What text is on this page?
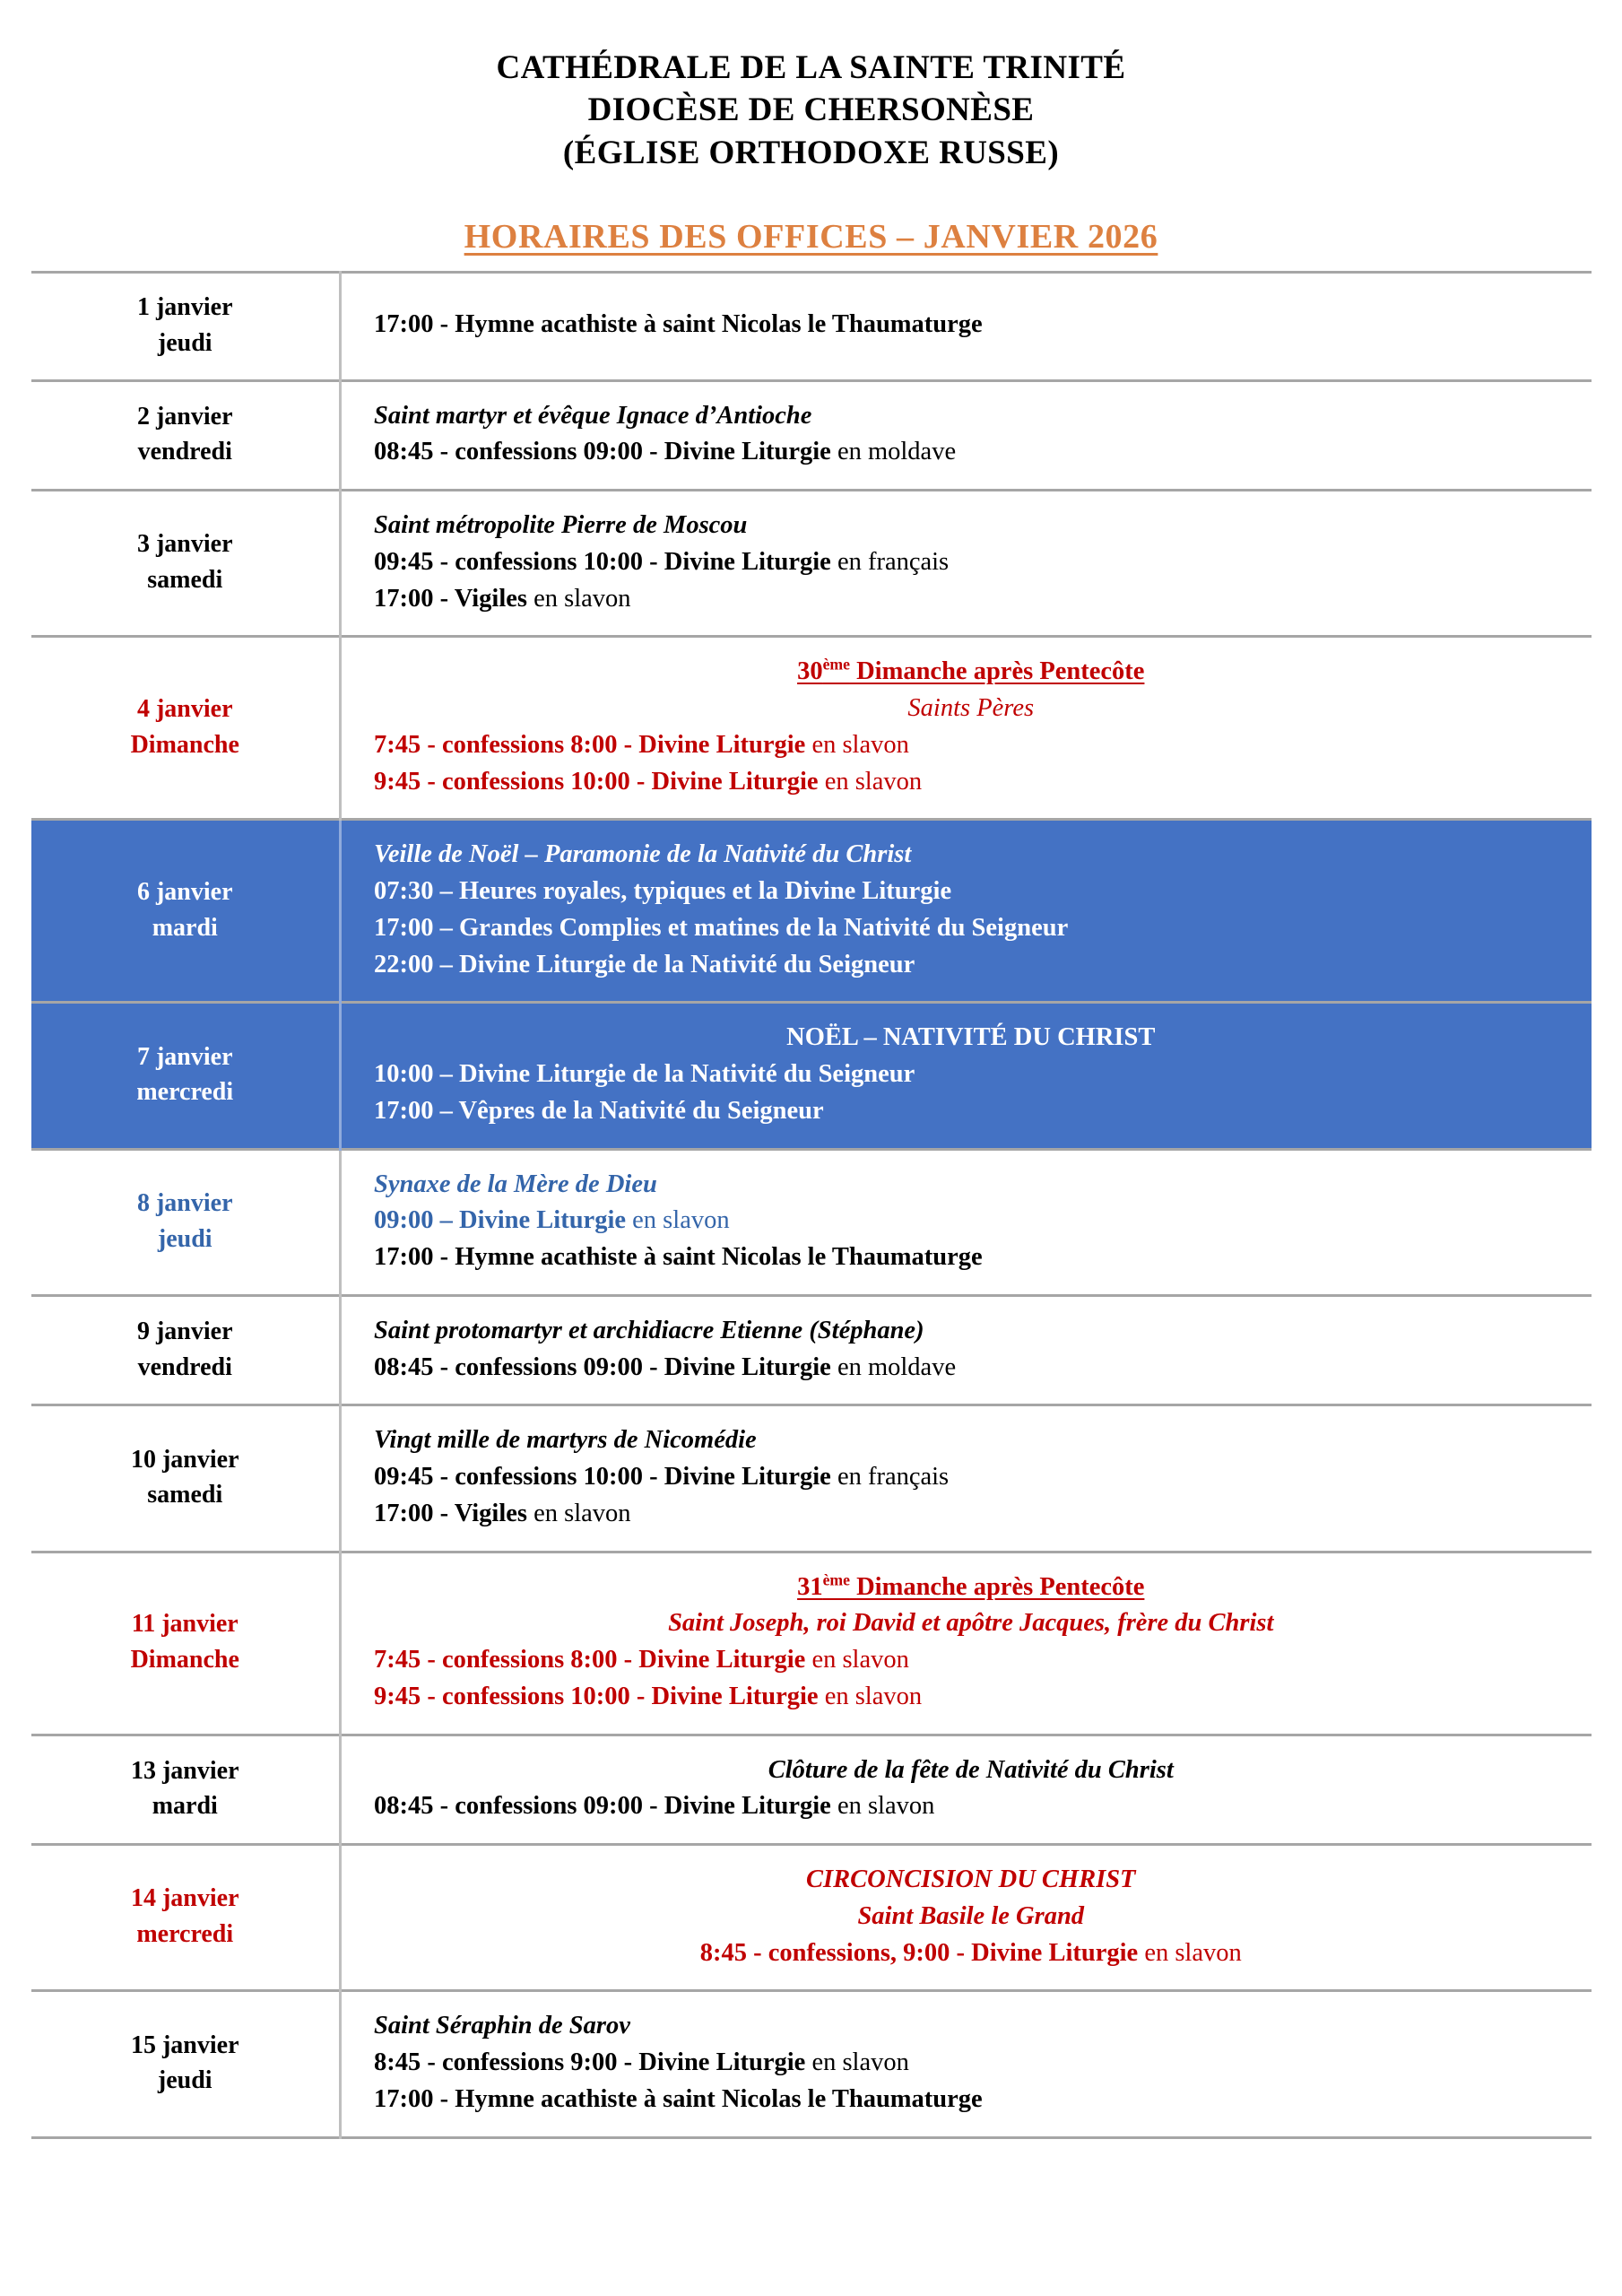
CATHÉDRALE DE LA SAINTE TRINITÉ
DIOCÈSE DE CHERSONÈSE
(ÉGLISE ORTHODOXE RUSSE)
HORAIRES DES OFFICES – JANVIER 2026
1 janvier
jeudi	17:00 - Hymne acathiste à saint Nicolas le Thaumaturge

2 janvier
vendredi	Saint martyr et évêque Ignace d’Antioche
08:45 - confessions 09:00 - Divine Liturgie en moldave

3 janvier
samedi	Saint métropolite Pierre de Moscou
09:45 - confessions 10:00 - Divine Liturgie en français
17:00 - Vigiles en slavon

4 janvier
Dimanche	30ème Dimanche après Pentecôte
Saints Pères
7:45 - confessions 8:00 - Divine Liturgie en slavon
9:45 - confessions 10:00 - Divine Liturgie en slavon

6 janvier
mardi	Veille de Noël – Paramonie de la Nativité du Christ
07:30 – Heures royales, typiques et la Divine Liturgie
17:00 – Grandes Complies et matines de la Nativité du Seigneur
22:00 – Divine Liturgie de la Nativité du Seigneur

7 janvier
mercredi	NOËL – NATIVITÉ DU CHRIST
10:00 – Divine Liturgie de la Nativité du Seigneur
17:00 – Vêpres de la Nativité du Seigneur

8 janvier
jeudi	Synaxe de la Mère de Dieu
09:00 – Divine Liturgie en slavon
17:00 - Hymne acathiste à saint Nicolas le Thaumaturge

9 janvier
vendredi	Saint protomartyr et archidiacre Etienne (Stéphane)
08:45 - confessions 09:00 - Divine Liturgie en moldave

10 janvier
samedi	Vingt mille de martyrs de Nicomédie
09:45 - confessions 10:00 - Divine Liturgie en français
17:00 - Vigiles en slavon

11 janvier
Dimanche	31ème Dimanche après Pentecôte
Saint Joseph, roi David et apôtre Jacques, frère du Christ
7:45 - confessions 8:00 - Divine Liturgie en slavon
9:45 - confessions 10:00 - Divine Liturgie en slavon

13 janvier
mardi	Clôture de la fête de Nativité du Christ
08:45 - confessions 09:00 - Divine Liturgie en slavon

14 janvier
mercredi	CIRCONCISION DU CHRIST
Saint Basile le Grand
8:45 - confessions, 9:00 - Divine Liturgie en slavon

15 janvier
jeudi	Saint Séraphin de Sarov
8:45 - confessions 9:00 - Divine Liturgie en slavon
17:00 - Hymne acathiste à saint Nicolas le Thaumaturge
